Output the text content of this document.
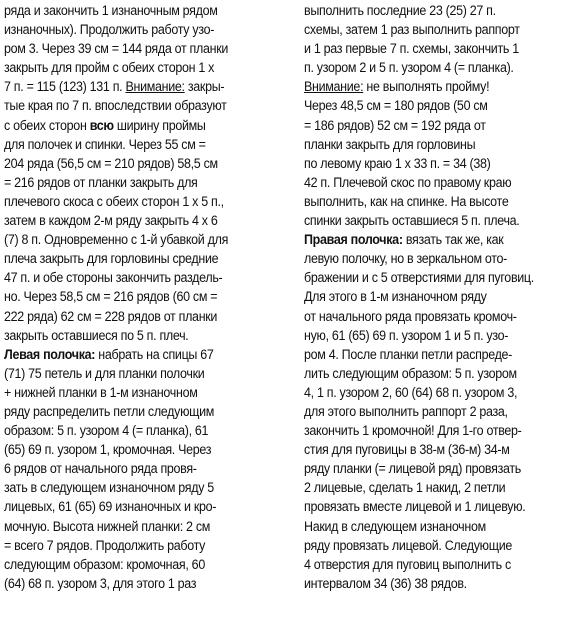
ряда и закончить 1 изнаночным рядом
изнаночных). Продолжить работу узо-
ром 3. Через 39 см = 144 ряда от планки
закрыть для пройм с обеих сторон 1 х
7 п. = 115 (123) 131 п. Внимание: закры-
тые края по 7 п. впоследствии образуют
с обеих сторон всю ширину проймы
для полочек и спинки. Через 55 см =
204 ряда (56,5 см = 210 рядов) 58,5 см
= 216 рядов от планки закрыть для
плечевого скоса с обеих сторон 1 х 5 п.,
затем в каждом 2-м ряду закрыть 4 х 6
(7) 8 п. Одновременно с 1-й убавкой для
плеча закрыть для горловины средние
47 п. и обе стороны закончить раздель-
но. Через 58,5 см = 216 рядов (60 см =
222 ряда) 62 см = 228 рядов от планки
закрыть оставшиеся по 5 п. плеч.
Левая полочка: набрать на спицы 67
(71) 75 петель и для планки полочки
+ нижней планки в 1-м изнаночном
ряду распределить петли следующим
образом: 5 п. узором 4 (= планка), 61
(65) 69 п. узором 1, кромочная. Через
6 рядов от начального ряда провя-
зать в следующем изнаночном ряду 5
лицевых, 61 (65) 69 изнаночных и кро-
мочную. Высота нижней планки: 2 см
= всего 7 рядов. Продолжить работу
следующим образом: кромочная, 60
(64) 68 п. узором 3, для этого 1 раз
выполнить последние 23 (25) 27 п.
схемы, затем 1 раз выполнить раппорт
и 1 раз первые 7 п. схемы, закончить 1
п. узором 2 и 5 п. узором 4 (= планка).
Внимание: не выполнять пройму!
Через 48,5 см = 180 рядов (50 см
= 186 рядов) 52 см = 192 ряда от
планки закрыть для горловины
по левому краю 1 х 33 п. = 34 (38)
42 п. Плечевой скос по правому краю
выполнить, как на спинке. На высоте
спинки закрыть оставшиеся 5 п. плеча.
Правая полочка: вязать так же, как
левую полочку, но в зеркальном ото-
бражении и с 5 отверстиями для пуговиц.
Для этого в 1-м изнаночном ряду
от начального ряда провязать кромоч-
ную, 61 (65) 69 п. узором 1 и 5 п. узо-
ром 4. После планки петли распреде-
лить следующим образом: 5 п. узором
4, 1 п. узором 2, 60 (64) 68 п. узором 3,
для этого выполнить раппорт 2 раза,
закончить 1 кромочной! Для 1-го отвер-
стия для пуговицы в 38-м (36-м) 34-м
ряду планки (= лицевой ряд) провязать
2 лицевые, сделать 1 накид, 2 петли
провязать вместе лицевой и 1 лицевую.
Накид в следующем изнаночном
ряду провязать лицевой. Следующие
4 отверстия для пуговиц выполнить с
интервалом 34 (36) 38 рядов.
